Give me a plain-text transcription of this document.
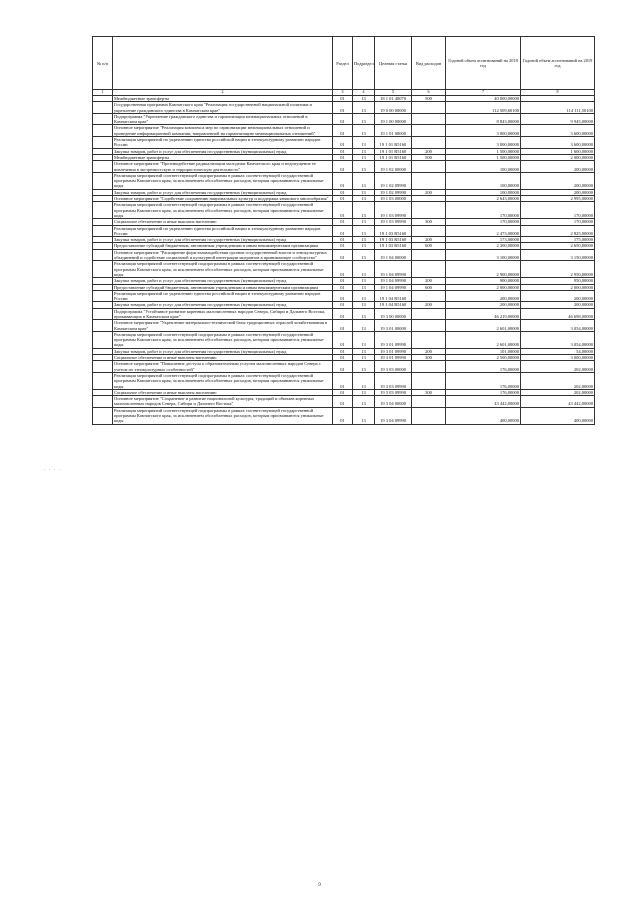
№ п/п		Раздел	Подраздел	Целевая статья	Вид расходов	Годовой объем ассигнований на 2018 год	Годовой объем ассигнований на 2019 год
1	2	3	4	5	6	7	8
	Межбюджетные трансферты	01	13	18 1 01 40070	500	40 000,00000	
	Государственная программа Камчатского края "Реализация государственной национальной политики и укрепление гражданского единства в Камчатском крае"	01	13	19 0 00 00000		112 509,60100	114 111,50100
	Подпрограмма "Укрепление гражданского единства и гармонизация межнациональных отношений в Камчатском крае"	01	13	19 1 00 00000		8 843,00000	9 945,00000
	Основное мероприятие "Реализация комплекса мер по гармонизации межнациональных отношений и проведение информационной компании, направленной на гармонизацию межнациональных отношений"	01	13	19 1 01 00000		3 000,00000	3 600,00000
	Реализация мероприятий по укреплению единства российской нации и этнокультурному развитию народов России	01	13	19 1 01 R5160		3 000,00000	3 600,00000
	Закупка товаров, работ и услуг для обеспечения государственных (муниципальных) нужд	01	13	19 1 01 R5160	200	1 500,00000	1 600,00000
	Межбюджетные трансферты	01	13	19 1 01 R5160	500	1 500,00000	2 000,00000
	Основное мероприятие "Противодействие радикализации молодежи Камчатского края и недопущение ее вовлечения в экстремистскую и террористическую деятельность"	01	13	19 1 02 00000		100,00000	200,00000
	Реализация мероприятий соответствующей подпрограммы в рамках соответствующей государственной программы Камчатского края, за исключением обособленных расходов, которым присваиваются уникальные коды	01	13	19 1 02 09990		100,00000	200,00000
	Закупка товаров, работ и услуг для обеспечения государственных (муниципальных) нужд	01	13	19 1 02 09990	200	100,00000	200,00000
	Основное мероприятие "Содействие сохранению национальных культур и поддержка языкового многообразия"	01	13	19 1 03 00000		2 643,00000	2 995,00000
	Реализация мероприятий соответствующей подпрограммы в рамках соответствующей государственной программы Камчатского края, за исключением обособленных расходов, которым присваиваются уникальные коды	01	13	19 1 03 09990		170,00000	170,00000
	Социальное обеспечение и иные выплаты населению	01	13	19 1 03 09990	300	170,00000	170,00000
	Реализация мероприятий по укреплению единства российской нации и этнокультурному развитию народов России	01	13	19 1 03 R5160		2 473,00000	2 825,00000
	Закупка товаров, работ и услуг для обеспечения государственных (муниципальных) нужд	01	13	19 1 03 R5160	200	173,00000	175,00000
	Предоставление субсидий бюджетным, автономным учреждениям и иным некоммерческим организациям	01	13	19 1 03 R5160	600	2 300,00000	2 650,00000
	Основное мероприятие "Расширение форм взаимодействия органов государственной власти и этнокультурных объединений и содействие социальной и культурной интеграции мигрантов в принимающее сообщество"	01	13	19 1 04 00000		3 100,00000	3 150,00000
	Реализация мероприятий соответствующей подпрограммы в рамках соответствующей государственной программы Камчатского края, за исключением обособленных расходов, которым присваиваются уникальные коды	01	13	19 1 04 09990		2 900,00000	2 950,00000
	Закупка товаров, работ и услуг для обеспечения государственных (муниципальных) нужд	01	13	19 1 04 09990	200	900,00000	950,00000
	Предоставление субсидий бюджетным, автономным учреждениям и иным некоммерческим организациям	01	13	19 1 04 09990	600	2 000,00000	2 000,00000
	Реализация мероприятий по укреплению единства российской нации и этнокультурному развитию народов России	01	13	19 1 04 R5160		200,00000	200,00000
	Закупка товаров, работ и услуг для обеспечения государственных (муниципальных) нужд	01	13	19 1 04 R5160	200	200,00000	200,00000
	Подпрограмма "Устойчивое развитие коренных малочисленных народов Севера, Сибири и Дальнего Востока, проживающих в Камчатском крае"	01	13	19 3 00 00000		46 219,00000	46 698,00000
	Основное мероприятие "Укрепление материально-технической базы традиционных отраслей хозяйствования в Камчатском крае"	01	13	19 3 01 00000		2 601,00000	3 054,00000
	Реализация мероприятий соответствующей подпрограммы в рамках соответствующей государственной программы Камчатского края, за исключением обособленных расходов, которым присваиваются уникальные коды	01	13	19 3 01 09990		2 601,00000	3 054,00000
	Закупка товаров, работ и услуг для обеспечения государственных (муниципальных) нужд	01	13	19 3 01 09990	200	101,00000	54,00000
	Социальное обеспечение и иные выплаты населению	01	13	19 3 01 09990	300	2 500,00000	3 000,00000
	Основное мероприятие "Повышение доступа к образовательным услугам малочисленных народов Севера с учетом их этнокультурных особенностей"	01	13	19 3 03 00000		176,00000	202,00000
	Реализация мероприятий соответствующей подпрограммы в рамках соответствующей государственной программы Камчатского края, за исключением обособленных расходов, которым присваиваются уникальные коды	01	13	19 3 03 09990		176,00000	202,00000
	Социальное обеспечение и иные выплаты населению	01	13	19 3 03 09990	300	176,00000	202,00000
	Основное мероприятие "Сохранение и развитие национальной культуры, традиций и обычаев коренных малочисленных народов Севера, Сибири и Дальнего Востока"	01	13	19 3 04 00000		43 442,00000	43 442,00000
	Реализация мероприятий соответствующей подпрограммы в рамках соответствующей государственной программы Камчатского края, за исключением обособленных расходов, которым присваиваются уникальные коды	01	13	19 3 04 09990		400,00000	400,00000
· · · ·
9
